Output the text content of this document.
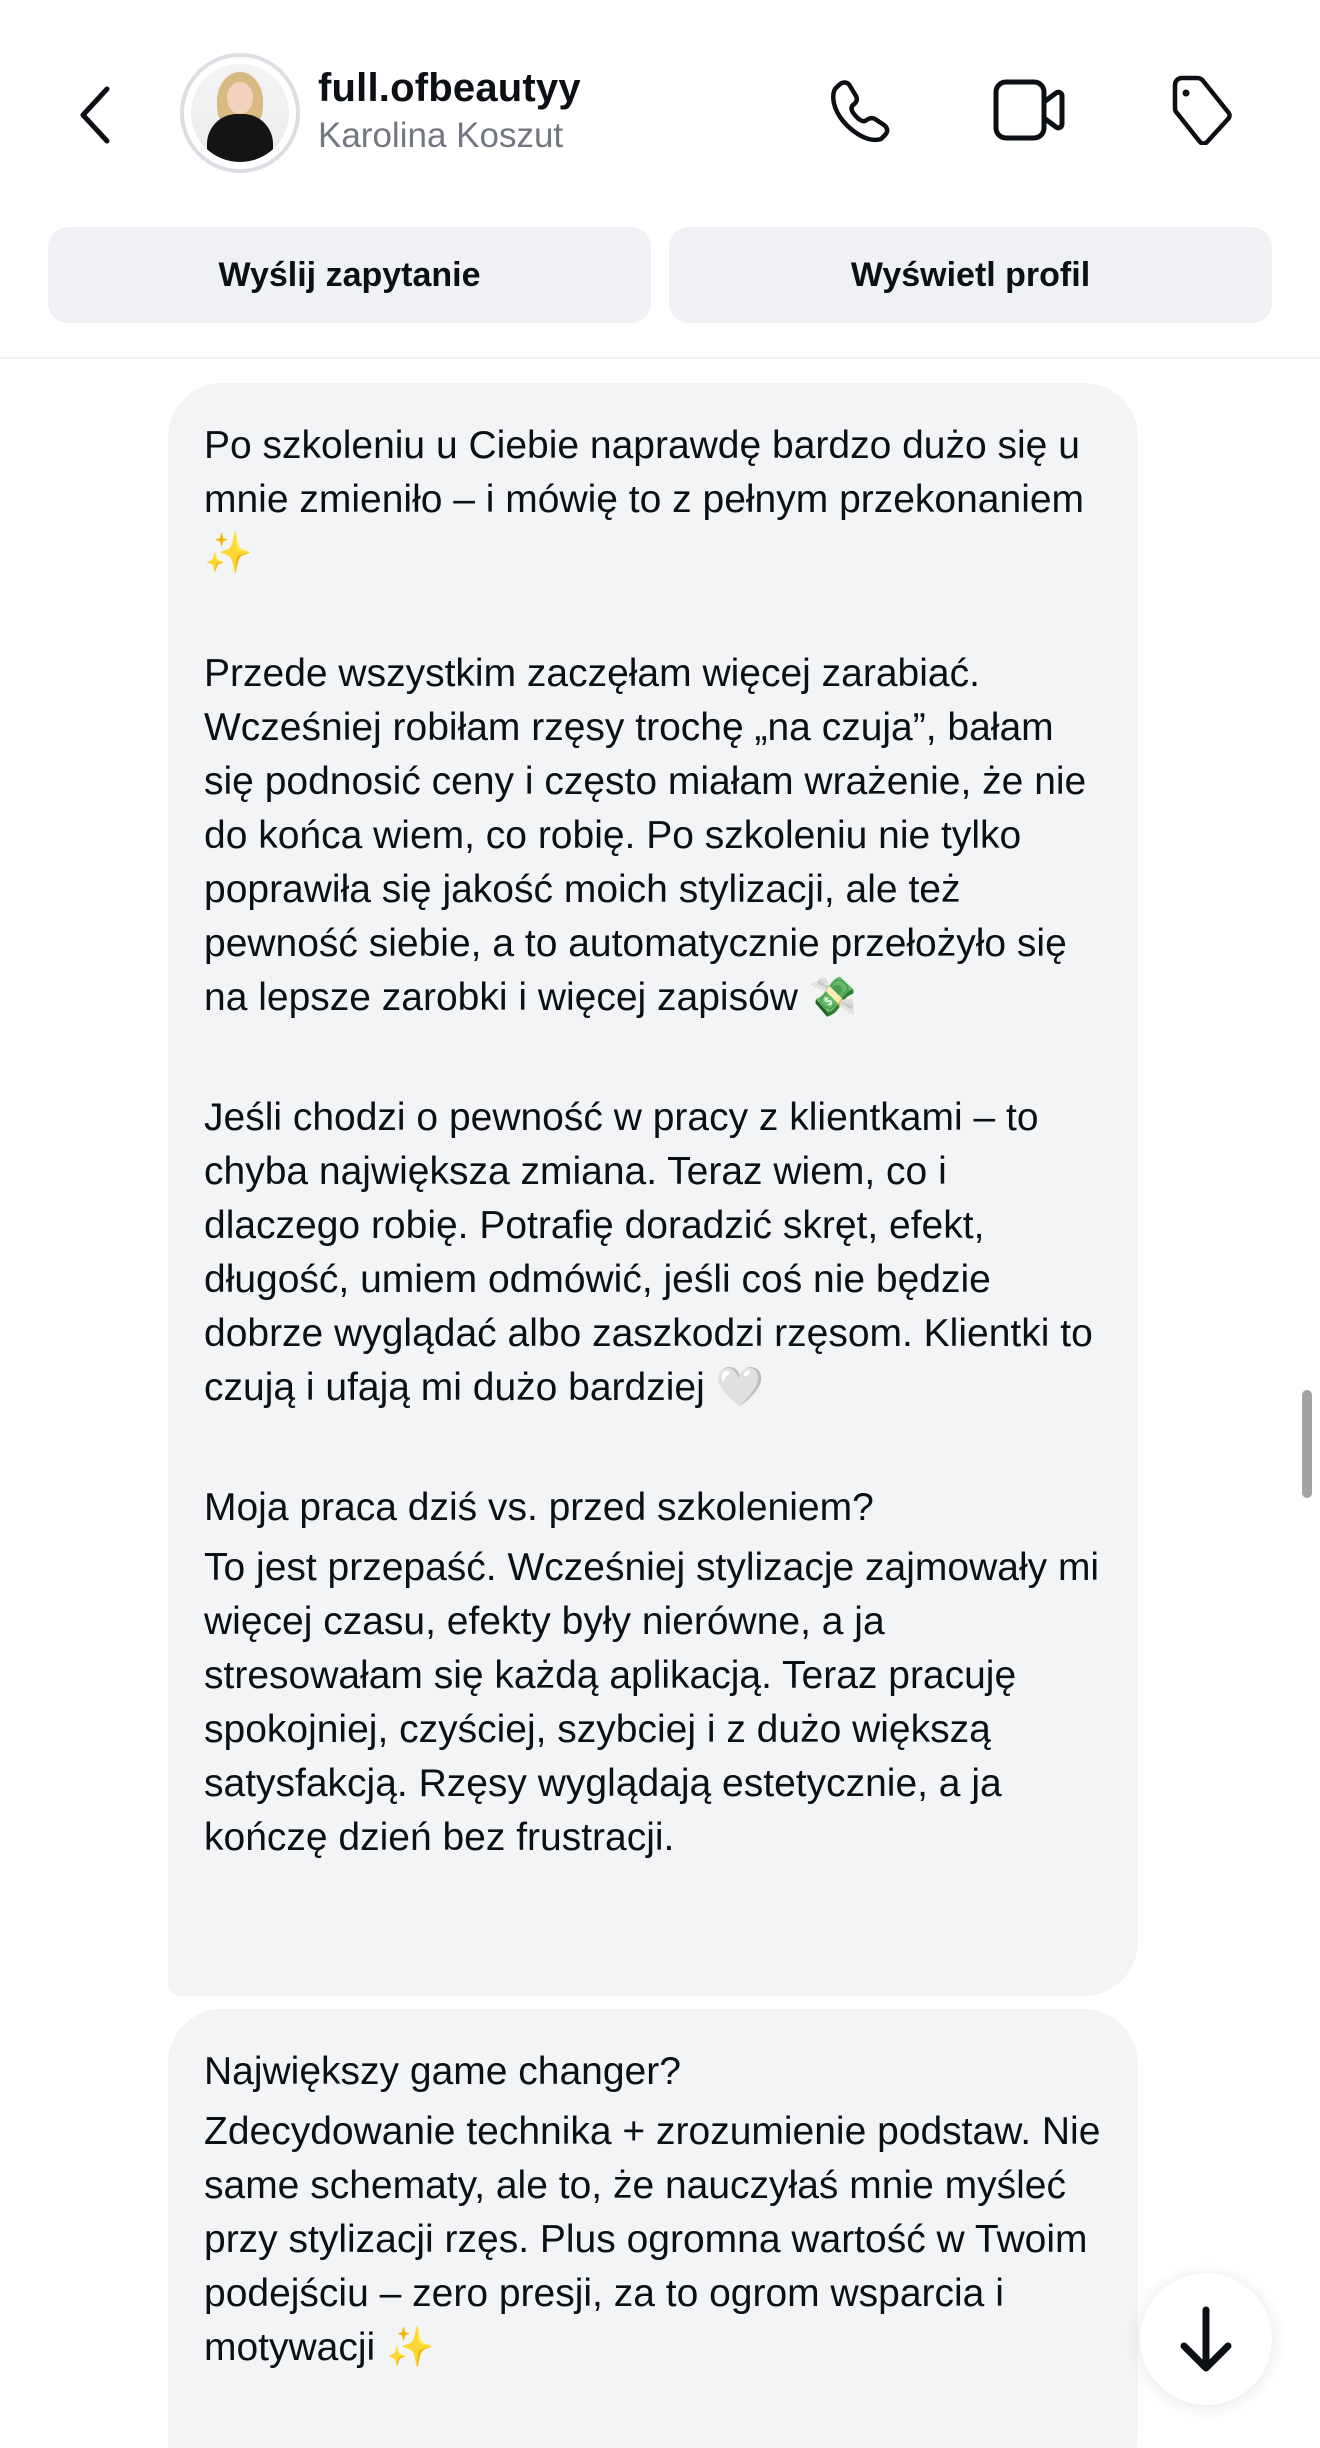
full.ofbeautyy
Karolina Koszut
Wyślij zapytanie	Wyświetl profil

Po szkoleniu u Ciebie naprawdę bardzo dużo się u mnie zmieniło – i mówię to z pełnym przekonaniem ✨

Przede wszystkim zaczęłam więcej zarabiać. Wcześniej robiłam rzęsy trochę „na czuja”, bałam się podnosić ceny i często miałam wrażenie, że nie do końca wiem, co robię. Po szkoleniu nie tylko poprawiła się jakość moich stylizacji, ale też pewność siebie, a to automatycznie przełożyło się na lepsze zarobki i więcej zapisów 💸

Jeśli chodzi o pewność w pracy z klientkami – to chyba największa zmiana. Teraz wiem, co i dlaczego robię. Potrafię doradzić skręt, efekt, długość, umiem odmówić, jeśli coś nie będzie dobrze wyglądać albo zaszkodzi rzęsom. Klientki to czują i ufają mi dużo bardziej 🤍

Moja praca dziś vs. przed szkoleniem?

To jest przepaść. Wcześniej stylizacje zajmowały mi więcej czasu, efekty były nierówne, a ja stresowałam się każdą aplikacją. Teraz pracuję spokojniej, czyściej, szybciej i z dużo większą satysfakcją. Rzęsy wyglądają estetycznie, a ja kończę dzień bez frustracji.

Największy game changer?

Zdecydowanie technika + zrozumienie podstaw. Nie same schematy, ale to, że nauczyłaś mnie myśleć przy stylizacji rzęs. Plus ogromna wartość w Twoim podejściu – zero presji, za to ogrom wsparcia i motywacji ✨
